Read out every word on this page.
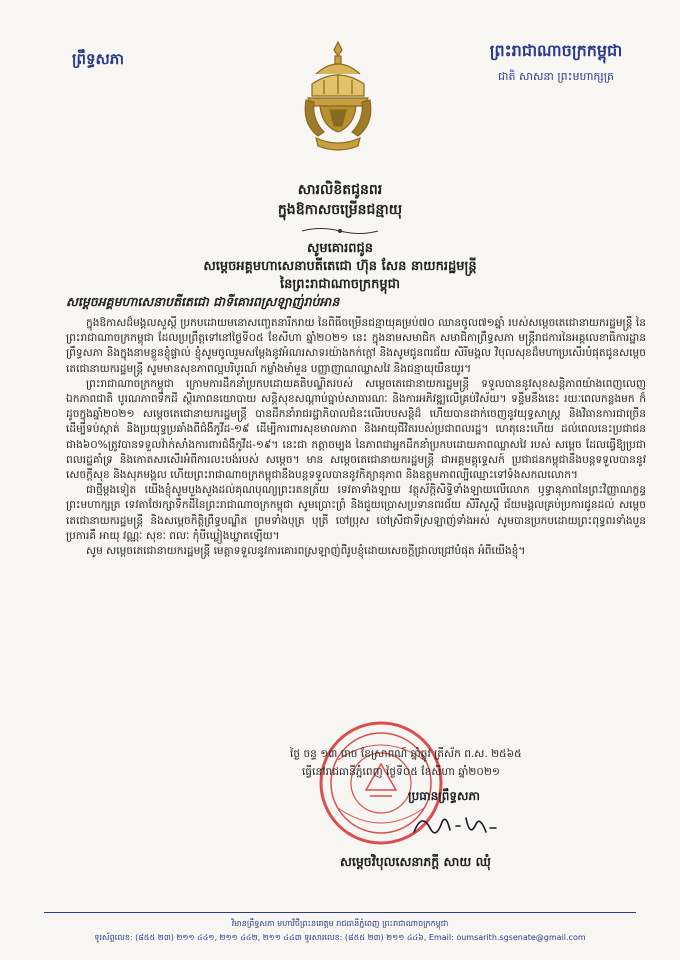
ព្រឹទ្ធសភា	ព្រះរាជាណាចក្រកម្ពុជា
ជាតិ សាសនា ព្រះមហាក្សត្រ
សារលិខិតជូនពរ
ក្នុងឱកាសចម្រើនជន្មាយុ
សូមគោរពជូន
សម្តេចអគ្គមហាសេនាបតីតេជោ ហ៊ុន សែន នាយករដ្ឋមន្ត្រី
នៃព្រះរាជាណាចក្រកម្ពុជា
សម្តេចអគ្គមហាសេនាបតីតេជោ ជាទីគោរពស្រឡាញ់រាប់អាន

ក្នុងឱកាសដ៏មង្គលសួស្តី ប្រកបដោយមនោសញ្ចេតនារីករាយ នៃពិធីចម្រើនជន្មាយុគម្រប់៧០ ឈានចូល៧១ឆ្នាំ របស់សម្តេចតេជោនាយករដ្ឋមន្ត្រី នៃព្រះរាជាណាចក្រកម្ពុជា ដែលប្រព្រឹត្តទៅនៅថ្ងៃទី០៥ ខែសីហា ឆ្នាំ២០២១ នេះ ក្នុងនាមសមាជិក សមាជិកាព្រឹទ្ធសភា មន្ត្រីរាជការនៃអគ្គលេខាធិការដ្ឋានព្រឹទ្ធសភា និងក្នុងនាមខ្លួនខ្ញុំផ្ទាល់ ខ្ញុំសូមចូលរួមសម្តែងនូវអំណរសាទរយ៉ាងកក់ក្តៅ និងសូមជូនពរជ័យ សិរីមង្គល វិបុលសុខដ៏មហាប្រសើរបំផុតជូនសម្តេចតេជោនាយករដ្ឋមន្ត្រី សូមមានសុខភាពល្អបរិបូរណ៍ កម្លាំងមាំមួន បញ្ញាញាណឈ្លាសវៃ និងជន្មាយុយឺនយូរ។

ព្រះរាជាណាចក្រកម្ពុជា ក្រោមការដឹកនាំប្រកបដោយគតិបណ្ឌិតរបស់ សម្តេចតេជោនាយករដ្ឋមន្ត្រី ទទួលបាននូវសុខសន្តិភាពយ៉ាងពេញលេញ ឯកភាពជាតិ បូរណភាពទឹកដី ស្ថិរភាពនយោបាយ សន្តិសុខសណ្តាប់ធ្នាប់សាធារណៈ និងការអភិវឌ្ឍលើគ្រប់វិស័យ។ ទន្ទឹមនឹងនេះ រយៈពេលកន្លងមក ក៏ដូចក្នុងឆ្នាំ២០២១ សម្តេចតេជោនាយករដ្ឋមន្ត្រី បានដឹកនាំរាជរដ្ឋាភិបាលជំនះលើរបបសន្តិដ៏ ហើយបានដាក់ចេញនូវយុទ្ធសាស្ត្រ និងវិធានការជាច្រើនដើម្បីទប់ស្កាត់ និងប្រយុទ្ធប្រឆាំងពីជំងឺកូវីដ-១៩ ដើម្បីការពារសុខមាលភាព និងអាយុជីវិតរបស់ប្រជាពលរដ្ឋ។ ហេតុនេះហើយ ដល់ពេលនេះប្រជាជនជាង៦០%ត្រូវបានទទួលវ៉ាក់សាំងការពារជំងឺកូវីដ-១៩។ នេះជា កត្តាចម្បង នៃភាពជាអ្នកដឹកនាំប្រកបដោយភាពឈ្លាសវៃ របស់ សម្តេច ដែលធ្វើឱ្យប្រជាពលរដ្ឋគាំទ្រ និងកោតសរសើរអំពីការលះបង់របស់ សម្តេច។ មាន សម្តេចតេជោនាយករដ្ឋមន្ត្រី ជាអគ្គមគ្គុទ្ទេសក៍ ប្រជាជនកម្ពុជានឹងបន្តទទួលបាននូវសេចក្តីសុខ និងសុភមង្គល ហើយព្រះរាជាណាចក្រកម្ពុជានឹងបន្តទទួលបាននូវកិត្យានុភាព និងឧត្តមភាពល្បីឈ្មោះទៅទំងសកលលោក។

ជាថ្មីម្តងទៀត យើងខ្ញុំសូមបួងសួងដល់គុណបុណ្យព្រះរតនត្រ័យ ទេវតាទាំងឡាយ វត្ថុស័ក្តិសិទ្ធិទាំងឡាយលើលោក ឫទ្ធានុភាពនៃព្រះវិញ្ញាណក្ខន្ធ ព្រះមហាក្សត្រ ទេវតាថែរក្សាទឹកដីនៃព្រះរាជាណាចក្រកម្ពុជា សូមប្រោះព្រំ និងជួយប្រោសប្រទានពរជ័យ សិរីសួស្តី ជ័យមង្គលគ្រប់ប្រការជូនដល់ សម្តេចតេជោនាយករដ្ឋមន្ត្រី និងសម្តេចកិត្តិព្រឹទ្ធបណ្ឌិត ព្រមទាំងបុត្រ បុត្រី ចៅប្រុស ចៅស្រីជាទីស្រឡាញ់ទាំងអស់ សូមបានប្រកបដោយព្រះពុទ្ធពរទាំងបួនប្រការគឺ អាយុ វណ្ណៈ សុខៈ ពលៈ កុំបីឃ្លៀងឃ្លាតឡើយ។

សូម សម្តេចតេជោនាយករដ្ឋមន្ត្រី មេត្តាទទួលនូវការគោរពស្រឡាញ់ពីរូបខ្ញុំដោយសេចក្តីជ្រាលជ្រៅបំផុត អំពីយើងខ្ញុំ។

ថ្ងៃ ចន្ទ ១៣ រោច ខែស្រាពណ៍ ឆ្នាំឆ្លូវ ត្រីស័ក ព.ស. ២៥៦៥
ធ្វើនៅរាជធានីភ្នំពេញ ថ្ងៃទី០៥ ខែសីហា ឆ្នាំ២០២១
ប្រធានព្រឹទ្ធសភា
សម្តេចវិបុលសេនាភក្តី សាយ ឈុំ
វិមានព្រឹទ្ធសភា មហាវិថីព្រះនរោត្តម រាជធានីភ្នំពេញ ព្រះរាជាណាចក្រកម្ពុជា
ទូរស័ព្ទលេខ: (៨៥៥ ២៣) ២១១ ៤៤១, ២១១ ៤៤២, ២១១ ៤៤៣ ទូរសារលេខ: (៨៥៥ ២៣) ២១១ ៤៤៦, Email: oumsarith.sgsenate@gmail.com
